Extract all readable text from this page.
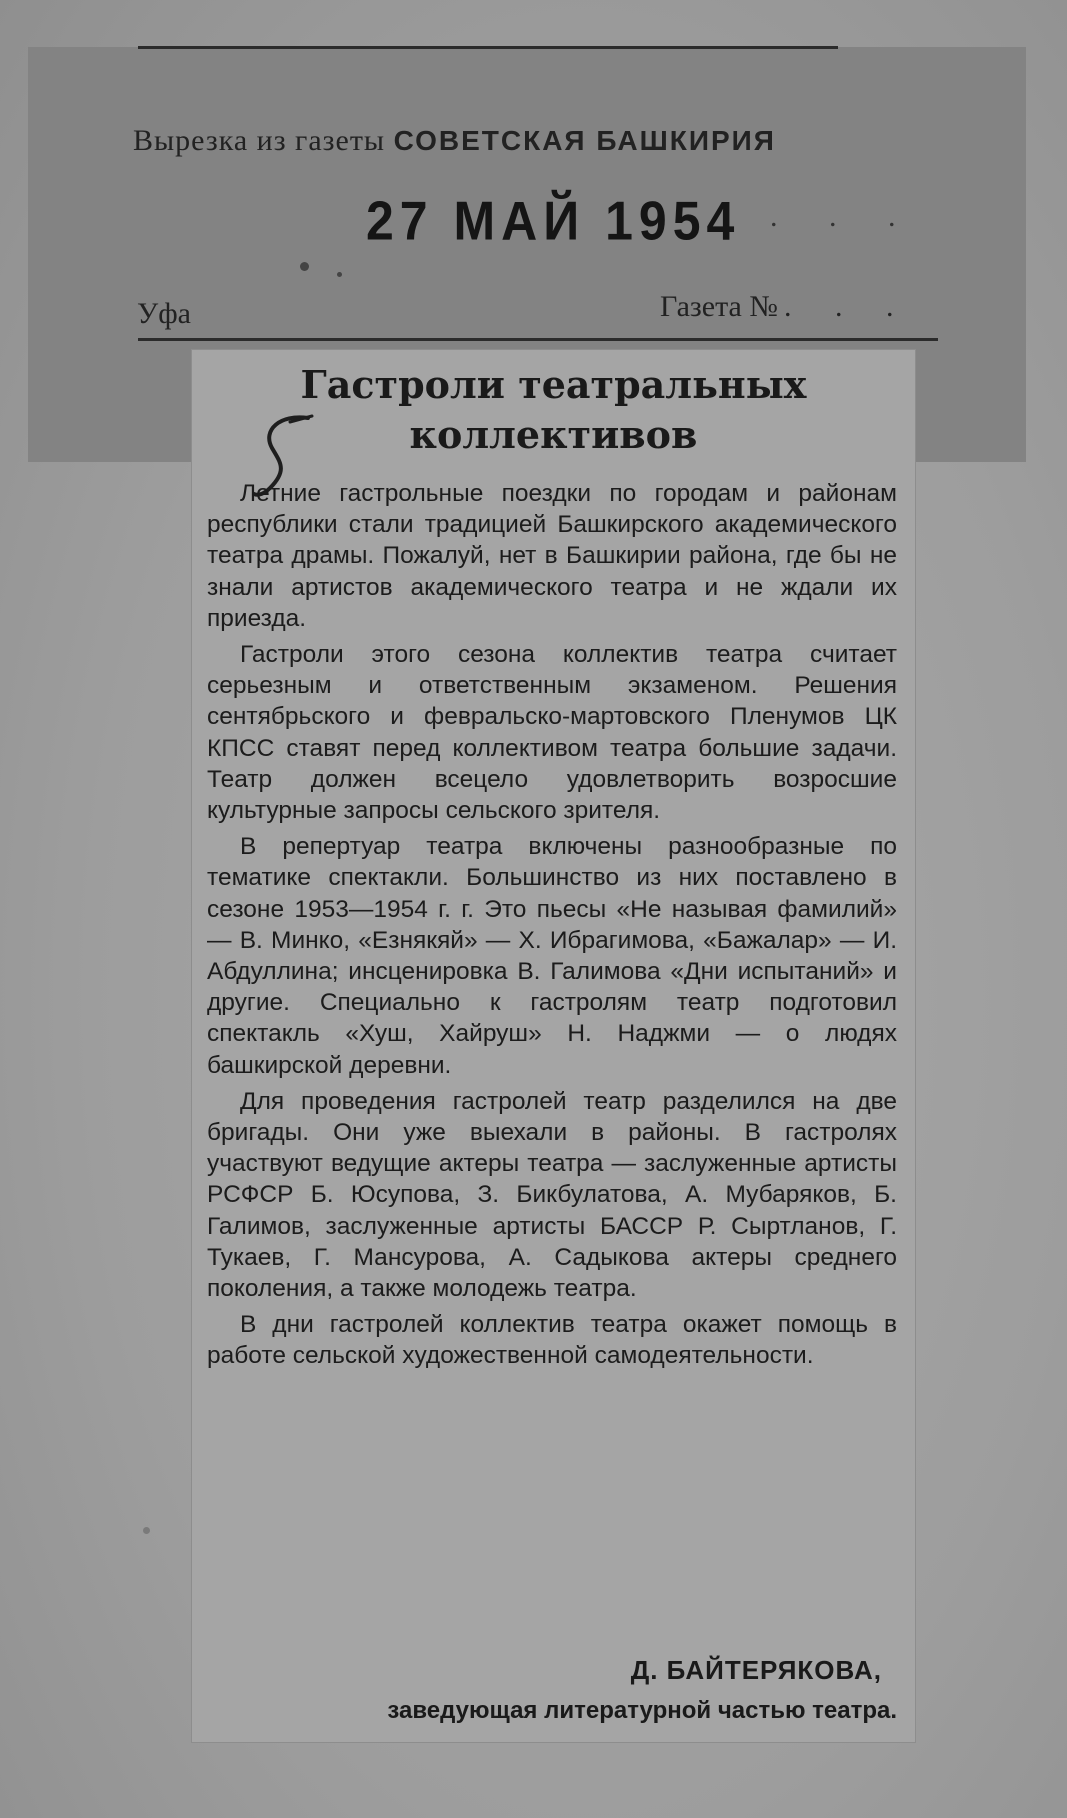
Вырезка из газеты СОВЕТСКАЯ БАШКИРИЯ
27 МАЙ 1954 . . .
Уфа	Газета № . . .
Гастроли театральных
коллективов

Летние гастрольные поездки по городам и районам республики стали традицией Башкирского академического театра драмы. Пожалуй, нет в Башкирии района, где бы не знали артистов академического театра и не ждали их приезда.

Гастроли этого сезона коллектив театра считает серьезным и ответственным экзаменом. Решения сентябрьского и февральско-мартовского Пленумов ЦК КПСС ставят перед коллективом театра большие задачи. Театр должен всецело удовлетворить возросшие культурные запросы сельского зрителя.

В репертуар театра включены разнообразные по тематике спектакли. Большинство из них поставлено в сезоне 1953—1954 г. г. Это пьесы «Не называя фамилий» — В. Минко, «Езнякяй» — Х. Ибрагимова, «Бажалар» — И. Абдуллина; инсценировка В. Галимова «Дни испытаний» и другие. Специально к гастролям театр подготовил спектакль «Хуш, Хайруш» Н. Наджми — о людях башкирской деревни.

Для проведения гастролей театр разделился на две бригады. Они уже выехали в районы. В гастролях участвуют ведущие актеры театра — заслуженные артисты РСФСР Б. Юсупова, З. Бикбулатова, А. Мубаряков, Б. Галимов, заслуженные артисты БАССР Р. Сыртланов, Г. Тукаев, Г. Мансурова, А. Садыкова актеры среднего поколения, а также молодежь театра.

В дни гастролей коллектив театра окажет помощь в работе сельской художественной самодеятельности.

Д. БАЙТЕРЯКОВА,
заведующая литературной частью театра.
